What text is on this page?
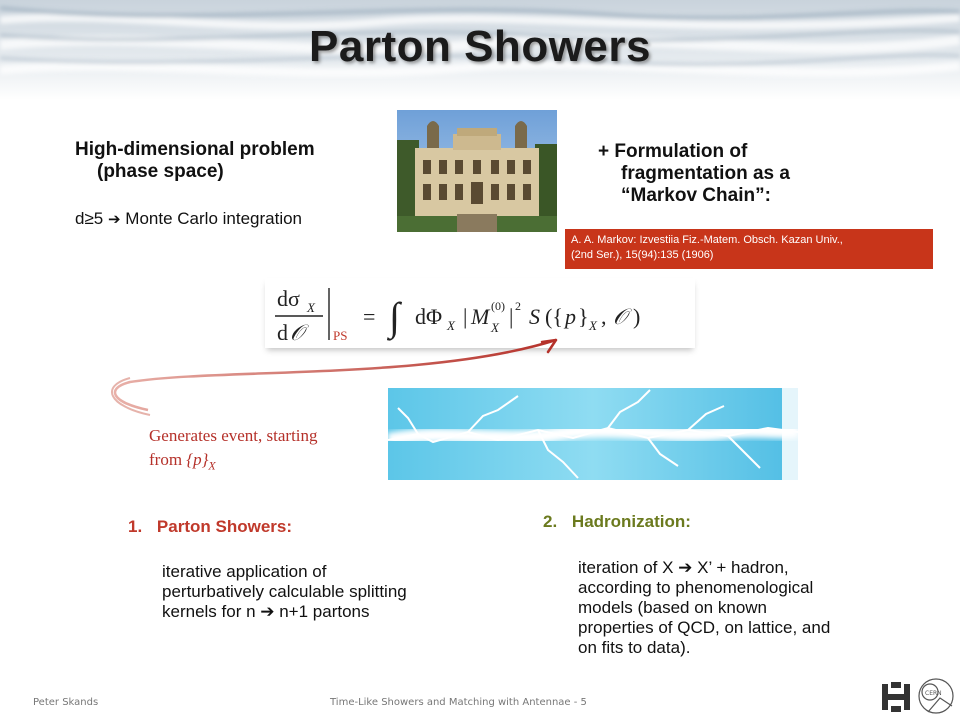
Parton Showers
High-dimensional problem
(phase space)
d≥5 ➔ Monte Carlo integration
+ Formulation of
fragmentation as a
“Markov Chain”:
A. A. Markov: Izvestiia Fiz.-Matem. Obsch. Kazan Univ.,
(2nd Ser.), 15(94):135 (1906)
dσ X
d 𝒪	PS
= ∫ dΦ X | M (0)
X | 2 S ({ p } X , 𝒪 )
Generates event, starting
from $\{p\}_X$
1. Parton Showers:
iterative application of
perturbatively calculable splitting
kernels for n ➔ n+1 partons
2. Hadronization:
iteration of X ➔ X’ + hadron,
according to phenomenological
models (based on known
properties of QCD, on lattice, and
on fits to data).
Peter Skands	Time-Like Showers and Matching with Antennae - 5
CERN
